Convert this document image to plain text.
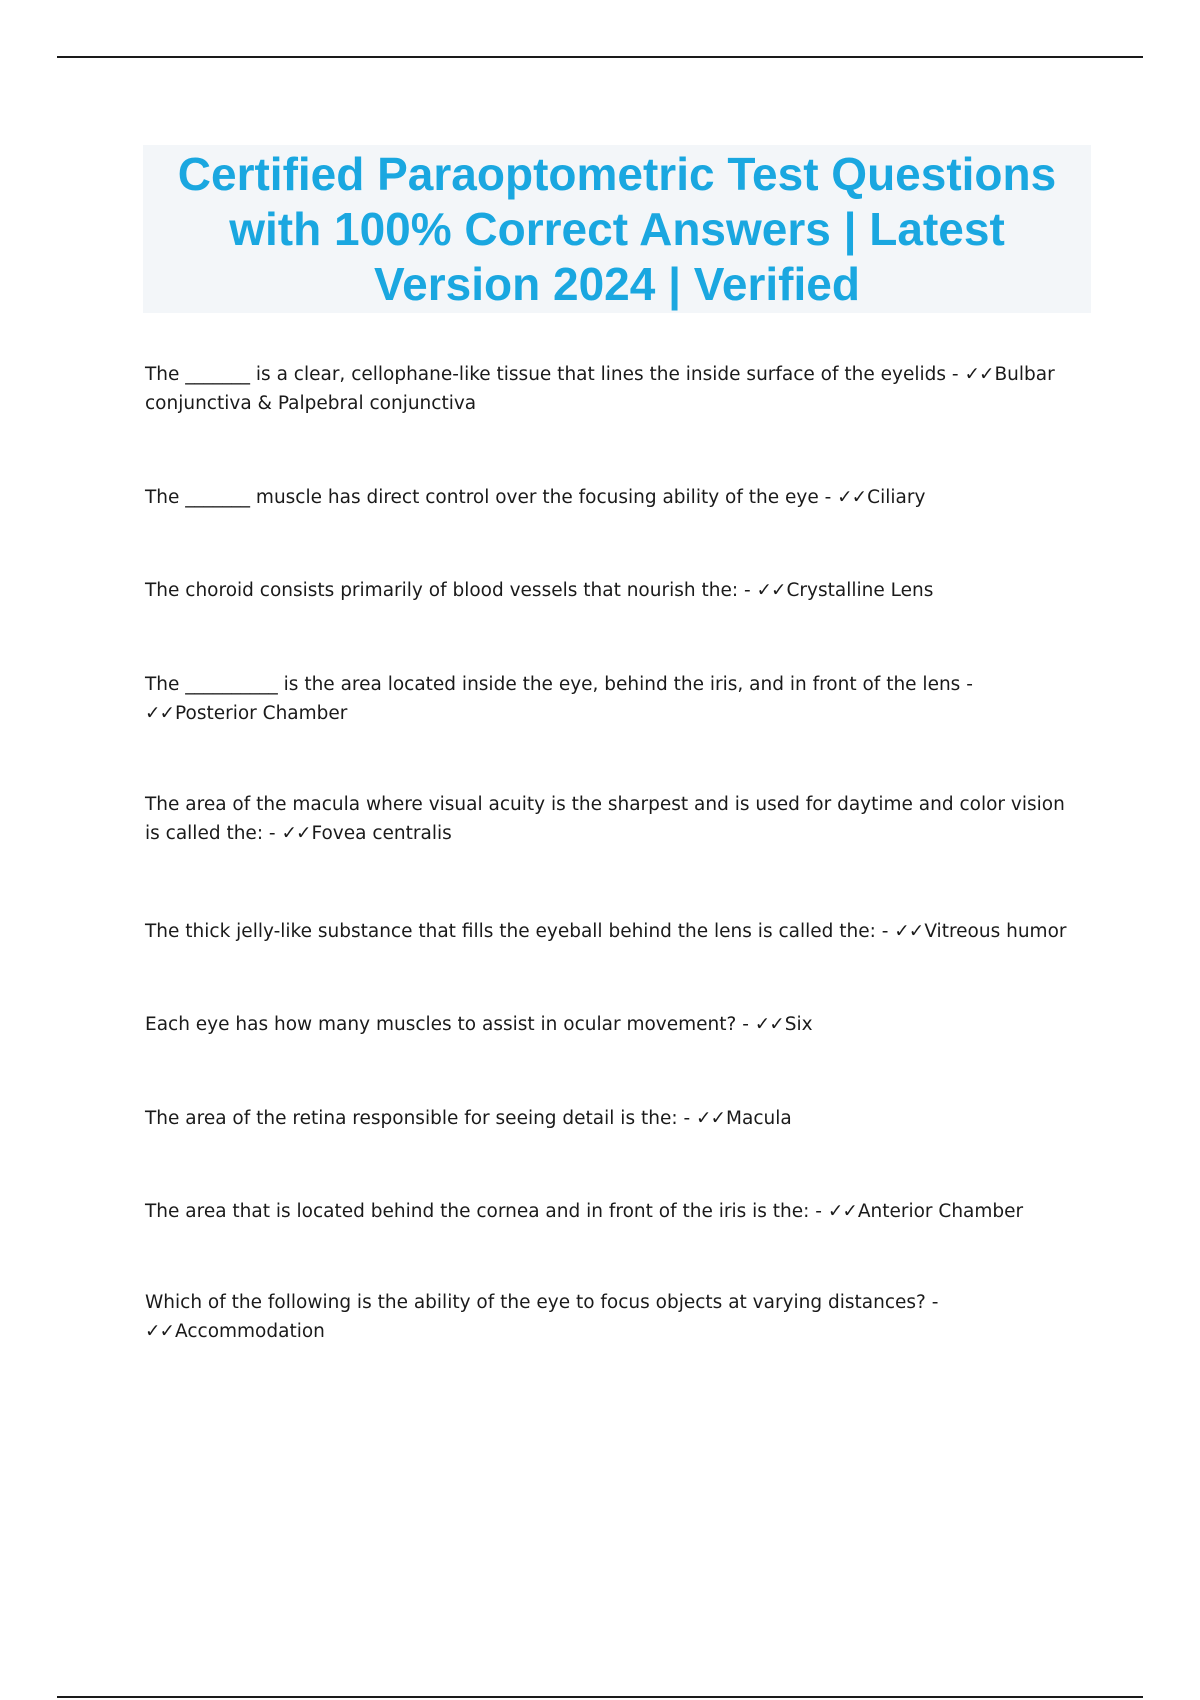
Certified Paraoptometric Test Questions with 100% Correct Answers | Latest Version 2024 | Verified

The _______ is a clear, cellophane-like tissue that lines the inside surface of the eyelids - ✓✓Bulbar conjunctiva & Palpebral conjunctiva

The _______ muscle has direct control over the focusing ability of the eye - ✓✓Ciliary

The choroid consists primarily of blood vessels that nourish the: - ✓✓Crystalline Lens

The __________ is the area located inside the eye, behind the iris, and in front of the lens - ✓✓Posterior Chamber

The area of the macula where visual acuity is the sharpest and is used for daytime and color vision is called the: - ✓✓Fovea centralis

The thick jelly-like substance that fills the eyeball behind the lens is called the: - ✓✓Vitreous humor

Each eye has how many muscles to assist in ocular movement? - ✓✓Six

The area of the retina responsible for seeing detail is the: - ✓✓Macula

The area that is located behind the cornea and in front of the iris is the: - ✓✓Anterior Chamber

Which of the following is the ability of the eye to focus objects at varying distances? - ✓✓Accommodation
